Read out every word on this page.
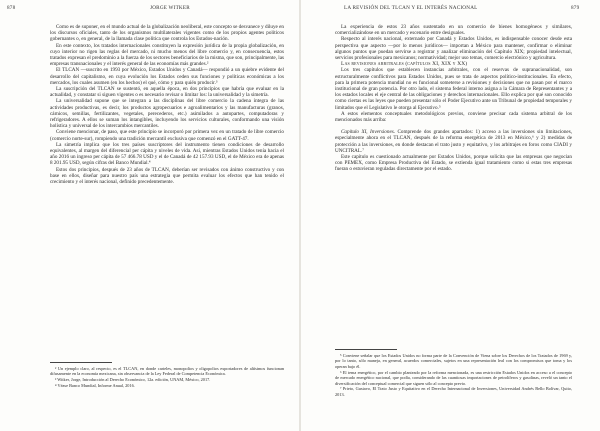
878	JORGE WITKER

Como es de suponer, en el mundo actual de la globalización neoliberal, este concepto se desvanece y diluye en los discursos oficiales, tanto de los organismos multilaterales vigentes como de los propios agentes políticos gobernantes o, en general, de la llamada clase política que controla los Estados-nación.

En este contexto, los tratados internacionales constituyen la expresión jurídica de la propia globalización, en cuyo interior no rigen las reglas del mercado, ni mucho menos del libre comercio y, en consecuencia, estos tratados expresan el predominio a la fuerza de los sectores beneficiarios de la misma, que son, principalmente, las empresas transnacionales y el interés general de las economías más grandes.²

El TLCAN —suscrito en 1993 por México, Estados Unidos y Canadá— respondió a un quiebre evidente del desarrollo del capitalismo, en cuya evolución los Estados ceden sus funciones y políticas económicas a los mercados, los cuales asumen (en los hechos) el qué, cómo y para quién producir.³

La suscripción del TLCAN se sustentó, en aquella época, en dos principios que habría que evaluar en la actualidad, y constatar si siguen vigentes o es necesario revisar o limitar los: la universalidad y la simetría.

La universalidad supone que se integran a las disciplinas del libre comercio la cadena íntegra de las actividades productivas, es decir, los productos agropecuarios e agroalimentarios y las manufacturas (granos, cárnicos, semillas, fertilizantes, vegetales, perecederos, etc.) asimilados a autopartes, computadoras y refrigeradores. A ellos se suman los intangibles, incluyendo los servicios culturales, conformando una visión holística y universal de los intercambios mercantiles.

Conviene mencionar, de paso, que este principio se incorporó por primera vez en un tratado de libre comercio (comercio norte-sur), rompiendo una tradición mercantil exclusiva que comenzó en el GATT-47.

La simetría implica que los tres países suscriptores del instrumento tienen condiciones de desarrollo equivalentes, al margen del diferencial per cápita y niveles de vida. Así, mientras Estados Unidos tenía hacia el año 2016 un ingreso per cápita de 57 466.78 USD y el de Canadá de 42 157.93 USD, el de México era de apenas 8 201.95 USD, según cifras del Banco Mundial.⁴

Estos dos principios, después de 23 años de TLCAN, deberían ser revisados con ánimo constructivo y con base en ellos, diseñar para nuestro país una estrategia que permita evaluar los efectos que han tenido el crecimiento y el interés nacional, definido precedentemente.

² Un ejemplo claro, al respecto, es el TLCAN, en donde carteles, monopolios y oligopolios exportadores de altísimos funcionan difusamente en la economía mexicana, sin observancia de la Ley Federal de Competencia Económica.

³ Witker, Jorge, Introducción al Derecho Económico, 12a. edición, UNAM, México, 2017.

⁴ Véase Banco Mundial, Informe Anual, 2016.

LA REVISIÓN DEL TLCAN Y EL INTERÉS NACIONAL	879

La experiencia de estos 23 años sustentado en un comercio de bienes homogéneos y similares, comercializándose en un mercado y escenario entre desiguales.

Respecto al interés nacional, externado por Canadá y Estados Unidos, es indispensable conocer desde esta perspectiva que aspecto —por lo menos jurídicos— importan a México para mantener, confirmar o eliminar algunos puntos que puedan servirse a registrar y analizar eliminación del Capítulo XIX; propiedad intelectual, servicios profesionales para mexicanos; normatividad; mejor uso temas, comercio electrónico y agricultura.

Las revisiones arbitrales (capítulos XI, XIX y XX)

Los tres capítulos que establecen instancias arbitrales, con el reservas de supranacionalidad, son estructuralmente conflictivos para Estados Unidos, pues se trata de aspectos político-institucionales. En efecto, para la primera potencia mundial no es funcional someterse a revisiones y decisiones que no pasan por el marco institucional de gran potencia. Por otro lado, el sistema federal interno asigna a la Cámara de Representantes y a los estados locales el eje central de las obligaciones y derechos internacionales. Ello explica por qué son conocido como ciertas es las leyes que pueden presentar sólo el Poder Ejecutivo ante un Tribunal de propiedad temporales y limitados que el Legislativo le otorga al Ejecutivo.⁵

A estos elementos conceptuales metodológicos previos, conviene precisar cada sistema arbitral de los mencionados más arriba:

Capítulo XI, Inversiones. Comprende dos grandes apartados: 1) acceso a las inversiones sin limitaciones, especialmente ahora en el TLCAN, después de la reforma energética de 2013 en México,⁶ y 2) medidas de protección a las inversiones, en donde destacan el trato justo y equitativo, y los arbitrajes en foros como CIADI y UNCITRAL.⁷

Este capítulo es cuestionado actualmente por Estados Unidos, porque solicita que las empresas que negocian con PEMEX, como Empresa Productiva del Estado, se extienda igual tratamiento como si estas tres empresas fueran o estuvieran reguladas directamente por el estado.

⁵ Conviene señalar que los Estados Unidos no forma parte de la Convención de Viena sobre los Derechos de los Tratados de 1969 y, por lo tanto, sólo maneja, en general, acuerdos comerciales, sujetos en una representación leal con los compromisos que toma y los operan bajo él.

⁶ El tema energético, por el cambio planteado por la reforma mencionada, es una restricción Estados Unidos en acceso a el concepto de mercado energético nacional, que podía, considerando de las cuantiosas importaciones de petrolíferos y gasolinas, reveló un tanto el diversificación del conceptual comercial que siguen sólo al concepto previo.

⁷ Prieto, Gustavo, El Trato Justo y Equitativo en el Derecho Internacional de Inversiones, Universidad Andrés Bello Bolívar, Quito, 2013.
